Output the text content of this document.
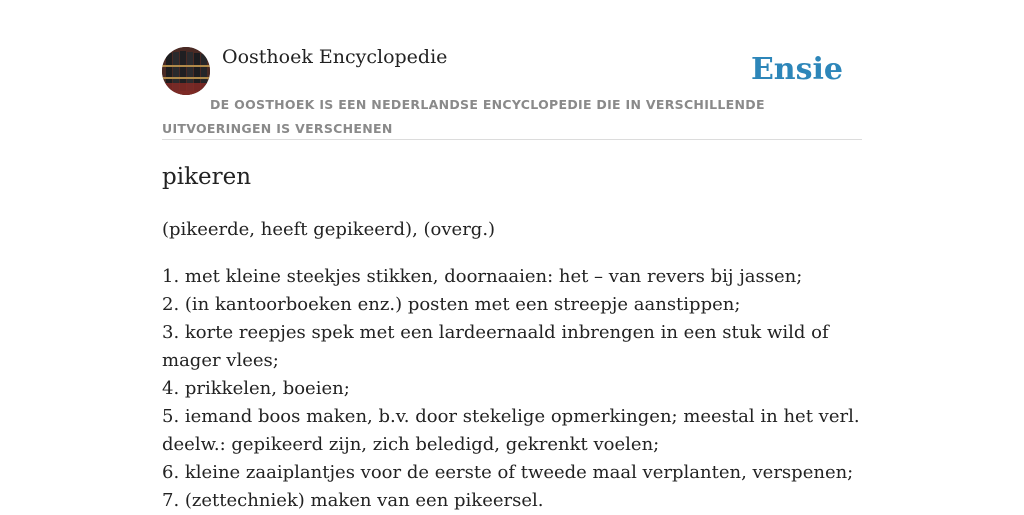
Oosthoek Encyclopedie	Ensie
DE OOSTHOEK IS EEN NEDERLANDSE ENCYCLOPEDIE DIE IN VERSCHILLENDE UITVOERINGEN IS VERSCHENEN
pikeren
(pikeerde, heeft gepikeerd), (overg.)
1. met kleine steekjes stikken, doornaaien: het – van revers bij jassen;
2. (in kantoorboeken enz.) posten met een streepje aanstippen;
3. korte reepjes spek met een lardeernaald inbrengen in een stuk wild of mager vlees;
4. prikkelen, boeien;
5. iemand boos maken, b.v. door stekelige opmerkingen; meestal in het verl. deelw.: gepikeerd zijn, zich beledigd, gekrenkt voelen;
6. kleine zaaiplantjes voor de eerste of tweede maal verplanten, verspenen;
7. (zettechniek) maken van een pikeersel.
